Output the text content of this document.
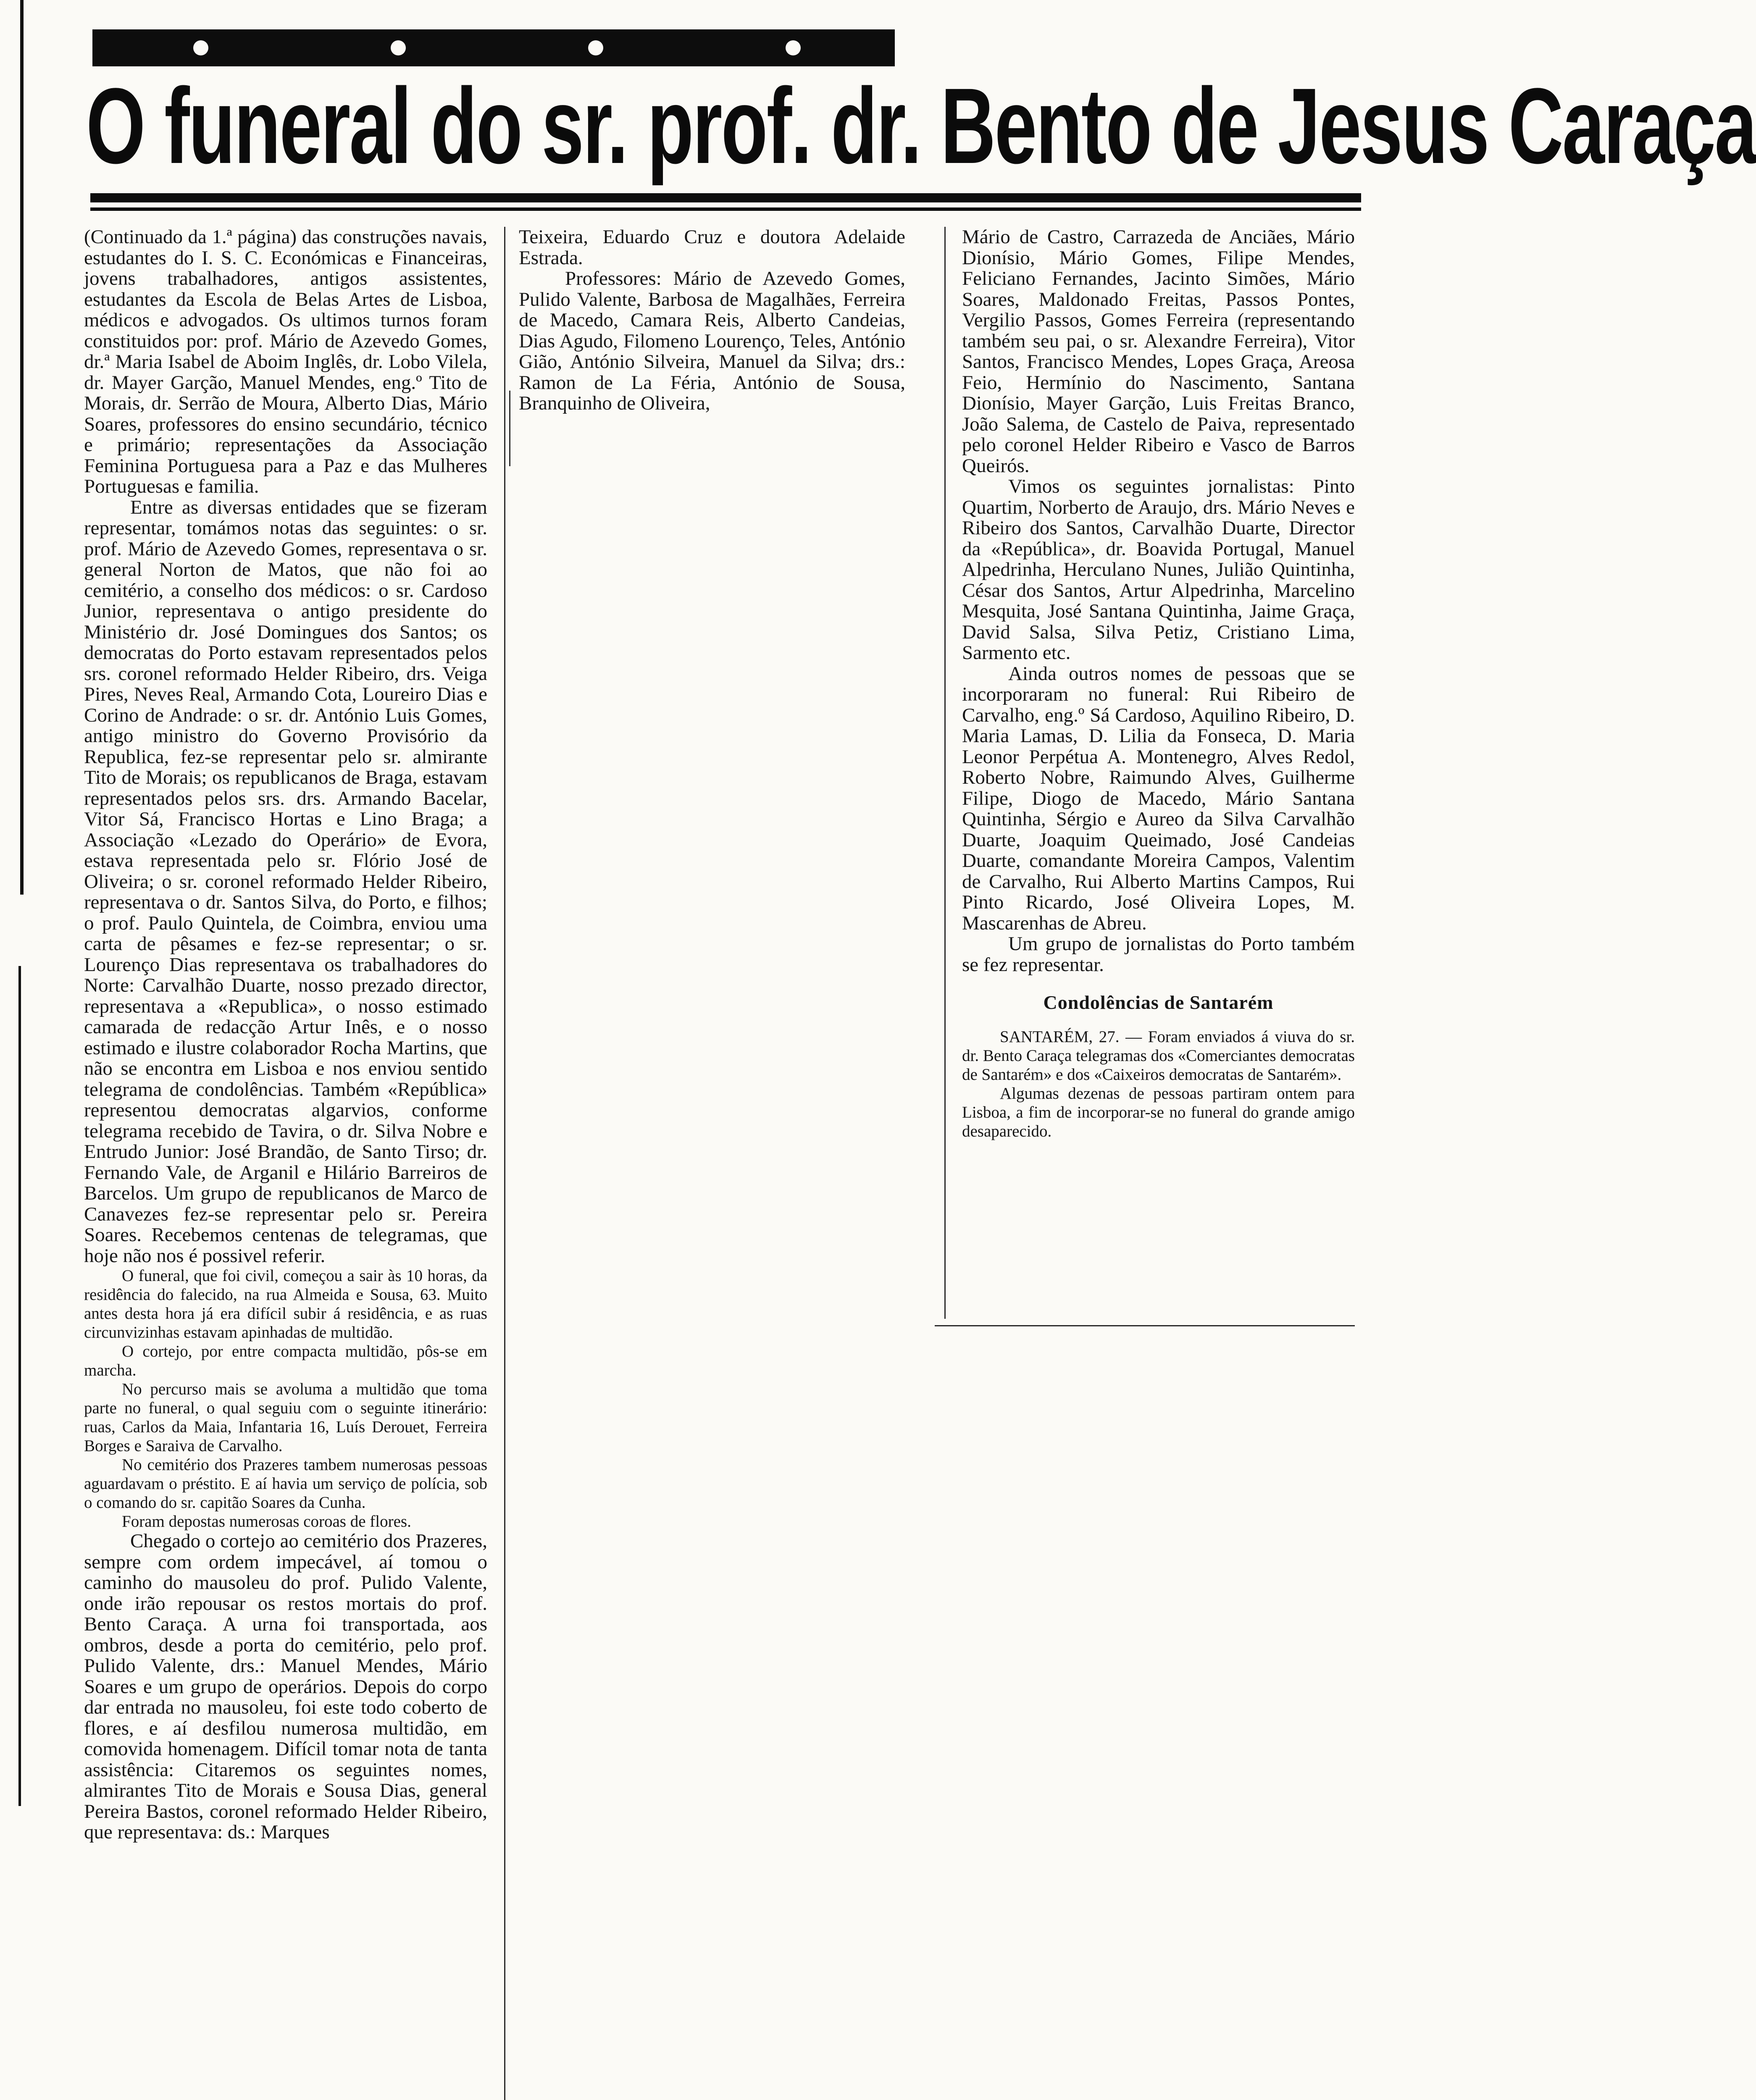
O funeral do sr. prof. dr. Bento de Jesus Caraça

(Continuado da 1.ª página) das construções navais, estudantes do I. S. C. Económicas e Financeiras, jovens trabalhadores, antigos assistentes, estudantes da Escola de Belas Artes de Lisboa, médicos e advogados. Os ultimos turnos foram constituidos por: prof. Mário de Azevedo Gomes, dr.ª Maria Isabel de Aboim Inglês, dr. Lobo Vilela, dr. Mayer Garção, Manuel Mendes, eng.º Tito de Morais, dr. Serrão de Moura, Alberto Dias, Mário Soares, professores do ensino secundário, técnico e primário; representações da Associação Feminina Portuguesa para a Paz e das Mulheres Portuguesas e familia.

Entre as diversas entidades que se fizeram representar, tomámos notas das seguintes: o sr. prof. Mário de Azevedo Gomes, representava o sr. general Norton de Matos, que não foi ao cemitério, a conselho dos médicos: o sr. Cardoso Junior, representava o antigo presidente do Ministério dr. José Domingues dos Santos; os democratas do Porto estavam representados pelos srs. coronel reformado Helder Ribeiro, drs. Veiga Pires, Neves Real, Armando Cota, Loureiro Dias e Corino de Andrade: o sr. dr. António Luis Gomes, antigo ministro do Governo Provisório da Republica, fez-se representar pelo sr. almirante Tito de Morais; os republicanos de Braga, estavam representados pelos srs. drs. Armando Bacelar, Vitor Sá, Francisco Hortas e Lino Braga; a Associação «Lezado do Operário» de Evora, estava representada pelo sr. Flório José de Oliveira; o sr. coronel reformado Helder Ribeiro, representava o dr. Santos Silva, do Porto, e filhos; o prof. Paulo Quintela, de Coimbra, enviou uma carta de pêsames e fez-se representar; o sr. Lourenço Dias representava os trabalhadores do Norte: Carvalhão Duarte, nosso prezado director, representava a «Republica», o nosso estimado camarada de redacção Artur Inês, e o nosso estimado e ilustre colaborador Rocha Martins, que não se encontra em Lisboa e nos enviou sentido telegrama de condolências. Também «República» representou democratas algarvios, conforme telegrama recebido de Tavira, o dr. Silva Nobre e Entrudo Junior: José Brandão, de Santo Tirso; dr. Fernando Vale, de Arganil e Hilário Barreiros de Barcelos. Um grupo de republicanos de Marco de Canavezes fez-se representar pelo sr. Pereira Soares. Recebemos centenas de telegramas, que hoje não nos é possivel referir.

O funeral, que foi civil, começou a sair às 10 horas, da residência do falecido, na rua Almeida e Sousa, 63. Muito antes desta hora já era difícil subir á residência, e as ruas circunvizinhas estavam apinhadas de multidão.

O cortejo, por entre compacta multidão, pôs-se em marcha.

No percurso mais se avoluma a multidão que toma parte no funeral, o qual seguiu com o seguinte itinerário: ruas, Carlos da Maia, Infantaria 16, Luís Derouet, Ferreira Borges e Saraiva de Carvalho.

No cemitério dos Prazeres tambem numerosas pessoas aguardavam o préstito. E aí havia um serviço de polícia, sob o comando do sr. capitão Soares da Cunha.

Foram depostas numerosas coroas de flores.

Chegado o cortejo ao cemitério dos Prazeres, sempre com ordem impecável, aí tomou o caminho do mausoleu do prof. Pulido Valente, onde irão repousar os restos mortais do prof. Bento Caraça. A urna foi transportada, aos ombros, desde a porta do cemitério, pelo prof. Pulido Valente, drs.: Manuel Mendes, Mário Soares e um grupo de operários. Depois do corpo dar entrada no mausoleu, foi este todo coberto de flores, e aí desfilou numerosa multidão, em comovida homenagem. Difícil tomar nota de tanta assistência: Citaremos os seguintes nomes, almirantes Tito de Morais e Sousa Dias, general Pereira Bastos, coronel reformado Helder Ribeiro, que representava: ds.: Marques

Teixeira, Eduardo Cruz e doutora Adelaide Estrada.

Professores: Mário de Azevedo Gomes, Pulido Valente, Barbosa de Magalhães, Ferreira de Macedo, Camara Reis, Alberto Candeias, Dias Agudo, Filomeno Lourenço, Teles, António Gião, António Silveira, Manuel da Silva; drs.: Ramon de La Féria, António de Sousa, Branquinho de Oliveira,

Mário de Castro, Carrazeda de Anciães, Mário Dionísio, Mário Gomes, Filipe Mendes, Feliciano Fernandes, Jacinto Simões, Mário Soares, Maldonado Freitas, Passos Pontes, Vergilio Passos, Gomes Ferreira (representando também seu pai, o sr. Alexandre Ferreira), Vitor Santos, Francisco Mendes, Lopes Graça, Areosa Feio, Hermínio do Nascimento, Santana Dionísio, Mayer Garção, Luis Freitas Branco, João Salema, de Castelo de Paiva, representado pelo coronel Helder Ribeiro e Vasco de Barros Queirós.

Vimos os seguintes jornalistas: Pinto Quartim, Norberto de Araujo, drs. Mário Neves e Ribeiro dos Santos, Carvalhão Duarte, Director da «República», dr. Boavida Portugal, Manuel Alpedrinha, Herculano Nunes, Julião Quintinha, César dos Santos, Artur Alpedrinha, Marcelino Mesquita, José Santana Quintinha, Jaime Graça, David Salsa, Silva Petiz, Cristiano Lima, Sarmento etc.

Ainda outros nomes de pessoas que se incorporaram no funeral: Rui Ribeiro de Carvalho, eng.º Sá Cardoso, Aquilino Ribeiro, D. Maria Lamas, D. Lilia da Fonseca, D. Maria Leonor Perpétua A. Montenegro, Alves Redol, Roberto Nobre, Raimundo Alves, Guilherme Filipe, Diogo de Macedo, Mário Santana Quintinha, Sérgio e Aureo da Silva Carvalhão Duarte, Joaquim Queimado, José Candeias Duarte, comandante Moreira Campos, Valentim de Carvalho, Rui Alberto Martins Campos, Rui Pinto Ricardo, José Oliveira Lopes, M. Mascarenhas de Abreu.

Um grupo de jornalistas do Porto também se fez representar.

Condolências de Santarém

SANTARÉM, 27. — Foram enviados á viuva do sr. dr. Bento Caraça telegramas dos «Comerciantes democratas de Santarém» e dos «Caixeiros democratas de Santarém».

Algumas dezenas de pessoas partiram ontem para Lisboa, a fim de incorporar-se no funeral do grande amigo desaparecido.
